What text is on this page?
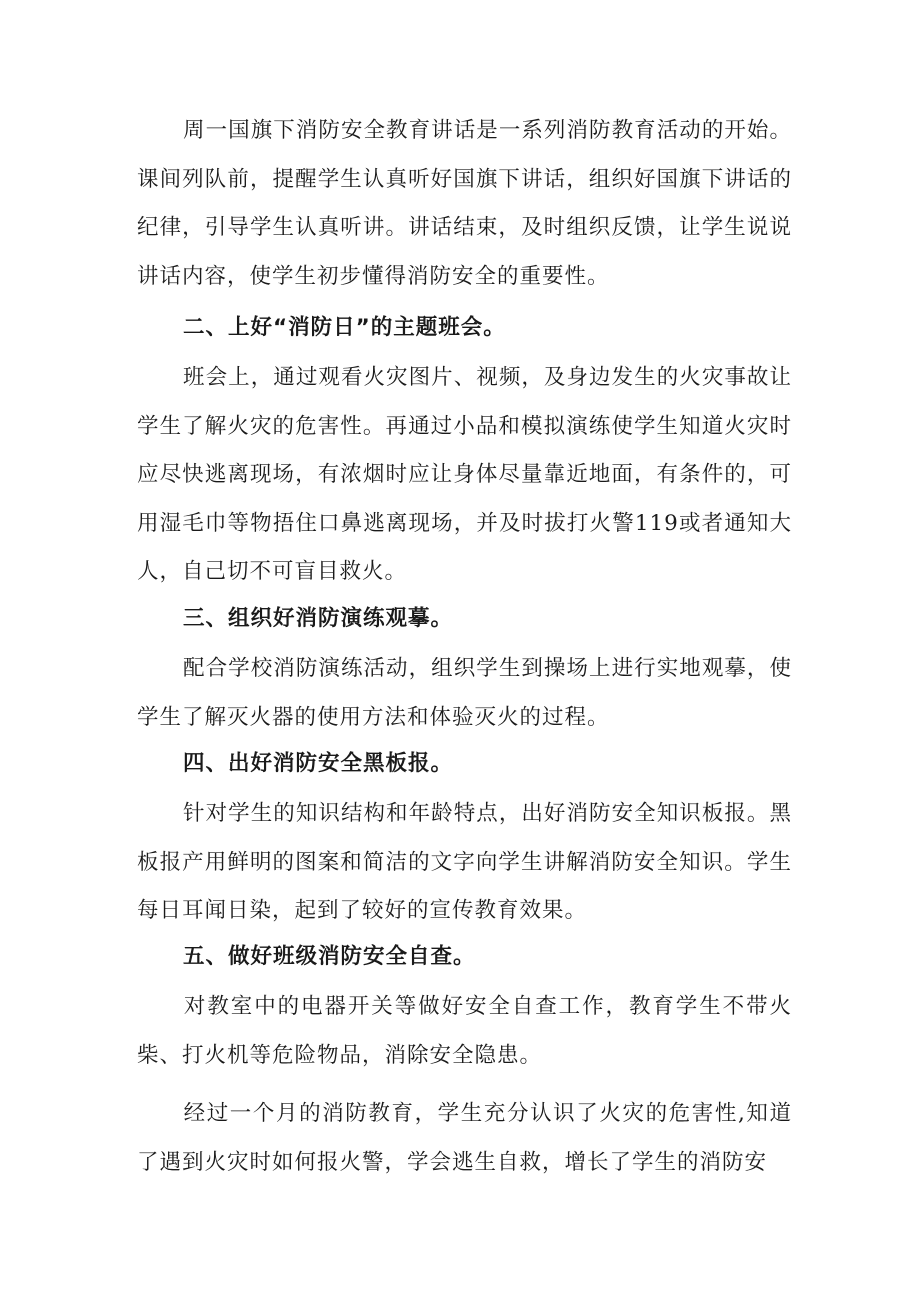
周一国旗下消防安全教育讲话是一系列消防教育活动的开始。课间列队前，提醒学生认真听好国旗下讲话，组织好国旗下讲话的纪律，引导学生认真听讲。讲话结束，及时组织反馈，让学生说说讲话内容，使学生初步懂得消防安全的重要性。

二、上好“消防日”的主题班会。

班会上，通过观看火灾图片、视频，及身边发生的火灾事故让学生了解火灾的危害性。再通过小品和模拟演练使学生知道火灾时应尽快逃离现场，有浓烟时应让身体尽量靠近地面，有条件的，可用湿毛巾等物捂住口鼻逃离现场，并及时拔打火警119或者通知大人，自己切不可盲目救火。

三、组织好消防演练观摹。

配合学校消防演练活动，组织学生到操场上进行实地观摹，使学生了解灭火器的使用方法和体验灭火的过程。

四、出好消防安全黑板报。

针对学生的知识结构和年龄特点，出好消防安全知识板报。黑板报产用鲜明的图案和简洁的文字向学生讲解消防安全知识。学生每日耳闻日染，起到了较好的宣传教育效果。

五、做好班级消防安全自查。

对教室中的电器开关等做好安全自查工作，教育学生不带火柴、打火机等危险物品，消除安全隐患。

经过一个月的消防教育，学生充分认识了火灾的危害性,知道了遇到火灾时如何报火警，学会逃生自救，增长了学生的消防安
